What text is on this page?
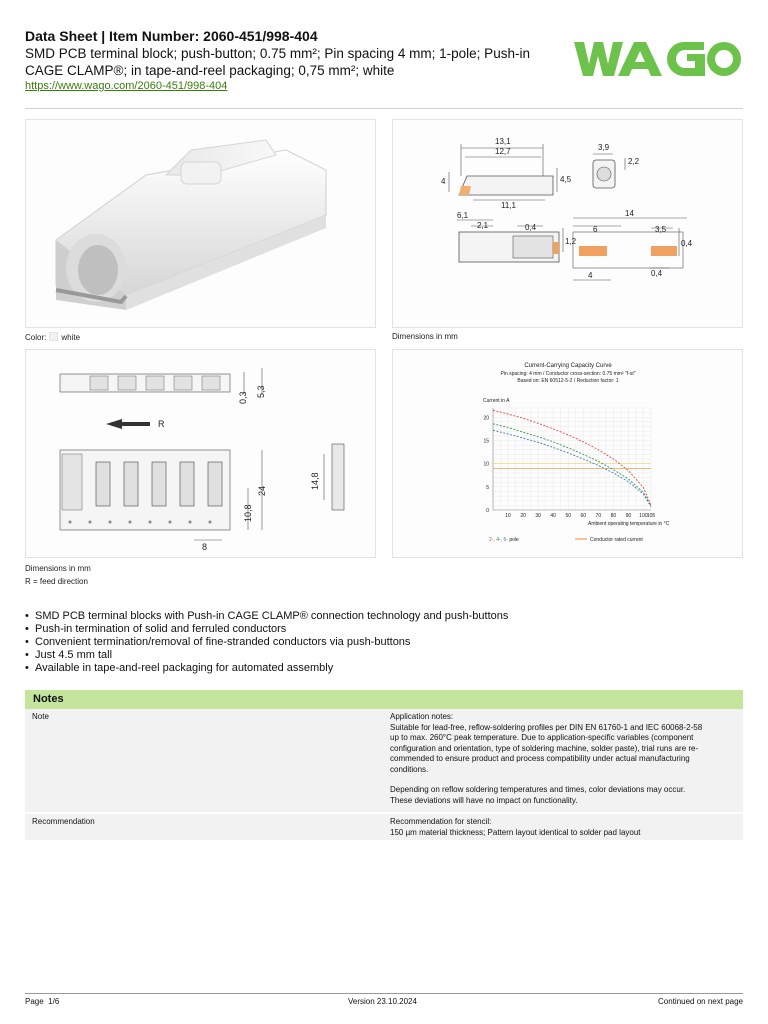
Data Sheet | Item Number: 2060-451/998-404
SMD PCB terminal block; push-button; 0.75 mm²; Pin spacing 4 mm; 1-pole; Push-in CAGE CLAMP®; in tape-and-reel packaging; 0,75 mm²; white
https://www.wago.com/2060-451/998-404
Color: white
13,1
12,7
4	4,5
11,1
3,9
2,2
6,1
2,1	0,4
1,2
14
6	3,5
0,4
4	0,4
Dimensions in mm
0,3 5,3
R
24
10,8
8
14,8
Dimensions in mm
R = feed direction
Current-Carrying Capacity Curve
Pin spacing: 4 mm / Conductor cross-section: 0.75 mm² "f-st"
Based on: EN 60512-5-2 / Reduction factor: 1
Current in A
Ambient operating temperature in °C
10 20 30 40 50 60 70 80 90 100 105
0
5
10
15
20
2-, 4-, 6- pole	Conductor rated current
• SMD PCB terminal blocks with Push-in CAGE CLAMP® connection technology and push-buttons
• Push-in termination of solid and ferruled conductors
• Convenient termination/removal of fine-stranded conductors via push-buttons
• Just 4.5 mm tall
• Available in tape-and-reel packaging for automated assembly
Notes
Note	Application notes:
Suitable for lead-free, reflow-soldering profiles per DIN EN 61760-1 and IEC 60068-2-58
up to max. 260°C peak temperature. Due to application-specific variables (component
configuration and orientation, type of soldering machine, solder paste), trial runs are re-
commended to ensure product and process compatibility under actual manufacturing
conditions.
Depending on reflow soldering temperatures and times, color deviations may occur.
These deviations will have no impact on functionality.
Recommendation	Recommendation for stencil:
150 µm material thickness; Pattern layout identical to solder pad layout
Page 1/6	Version 23.10.2024	Continued on next page
